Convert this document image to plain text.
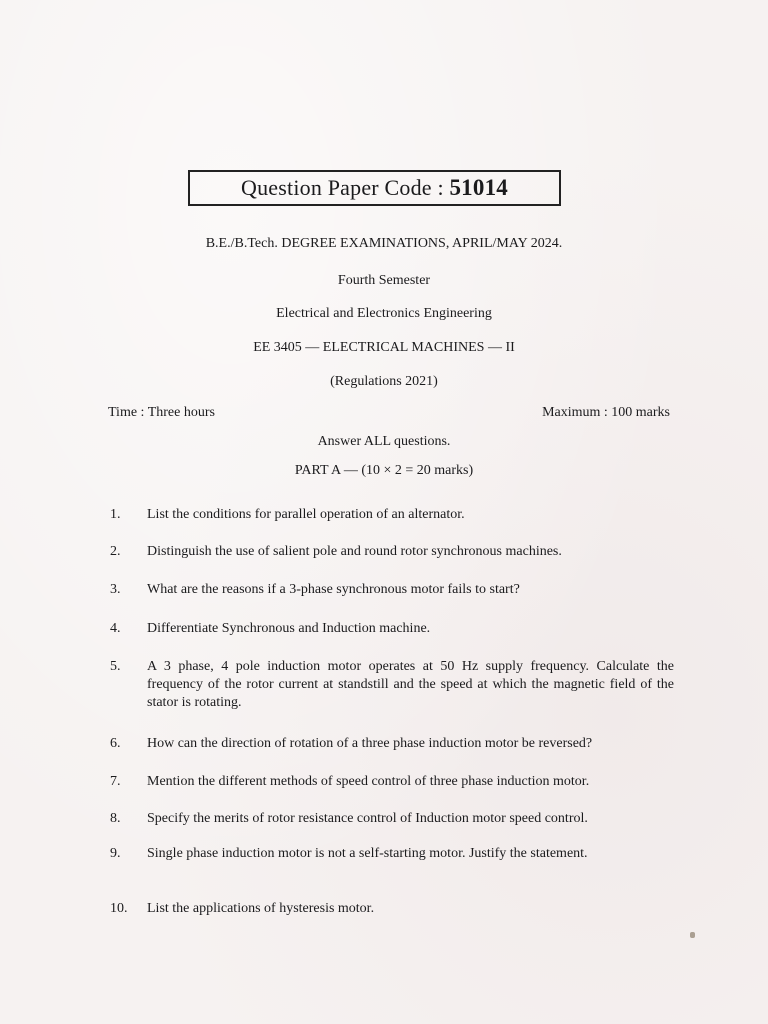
Question Paper Code : 51014
B.E./B.Tech. DEGREE EXAMINATIONS, APRIL/MAY 2024.
Fourth Semester
Electrical and Electronics Engineering
EE 3405 — ELECTRICAL MACHINES — II
(Regulations 2021)
Time : Three hours	Maximum : 100 marks
Answer ALL questions.
PART A — (10 × 2 = 20 marks)
1.	List the conditions for parallel operation of an alternator.
2.	Distinguish the use of salient pole and round rotor synchronous machines.
3.	What are the reasons if a 3-phase synchronous motor fails to start?
4.	Differentiate Synchronous and Induction machine.
5.	A 3 phase, 4 pole induction motor operates at 50 Hz supply frequency. Calculate the frequency of the rotor current at standstill and the speed at which the magnetic field of the stator is rotating.
6.	How can the direction of rotation of a three phase induction motor be reversed?
7.	Mention the different methods of speed control of three phase induction motor.
8.	Specify the merits of rotor resistance control of Induction motor speed control.
9.	Single phase induction motor is not a self-starting motor. Justify the statement.
10.	List the applications of hysteresis motor.
